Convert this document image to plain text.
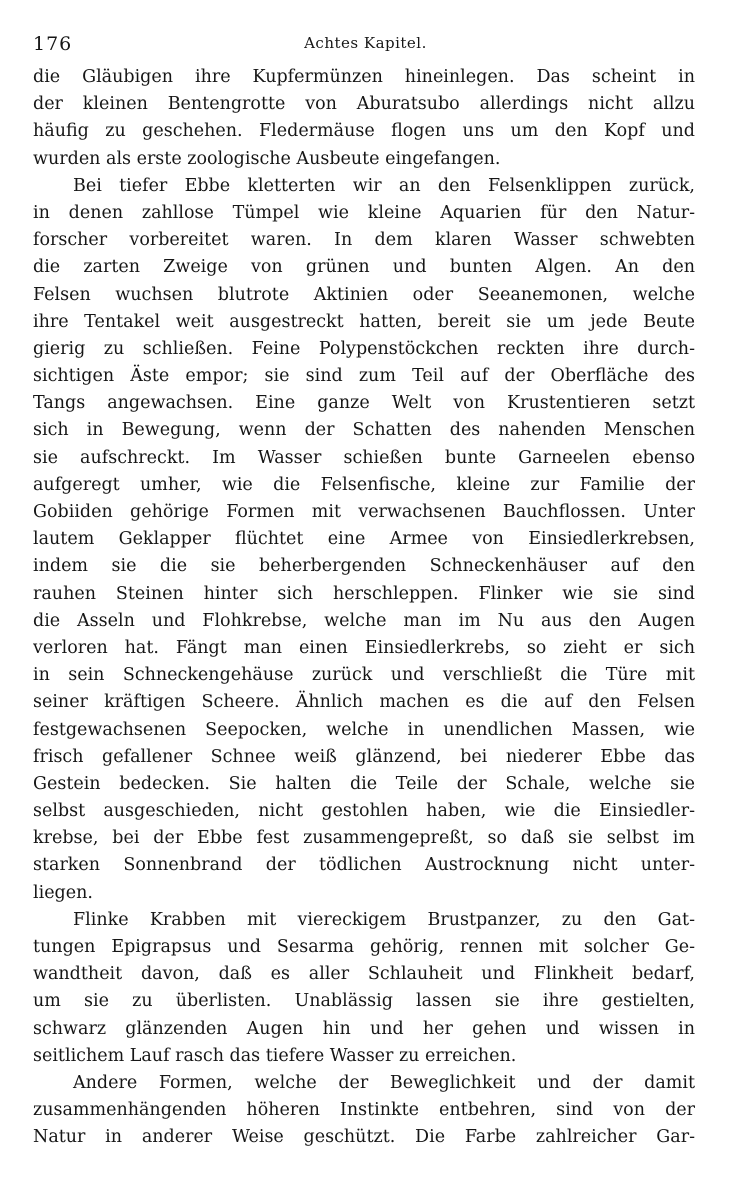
176	Achtes Kapitel.
die Gläubigen ihre Kupfermünzen hineinlegen. Das scheint in
der kleinen Bentengrotte von Aburatsubo allerdings nicht allzu
häufig zu geschehen. Fledermäuse flogen uns um den Kopf und
wurden als erste zoologische Ausbeute eingefangen.
Bei tiefer Ebbe kletterten wir an den Felsenklippen zurück,
in denen zahllose Tümpel wie kleine Aquarien für den Natur-
forscher vorbereitet waren. In dem klaren Wasser schwebten
die zarten Zweige von grünen und bunten Algen. An den
Felsen wuchsen blutrote Aktinien oder Seeanemonen, welche
ihre Tentakel weit ausgestreckt hatten, bereit sie um jede Beute
gierig zu schließen. Feine Polypenstöckchen reckten ihre durch-
sichtigen Äste empor; sie sind zum Teil auf der Oberfläche des
Tangs angewachsen. Eine ganze Welt von Krustentieren setzt
sich in Bewegung, wenn der Schatten des nahenden Menschen
sie aufschreckt. Im Wasser schießen bunte Garneelen ebenso
aufgeregt umher, wie die Felsenfische, kleine zur Familie der
Gobiiden gehörige Formen mit verwachsenen Bauchflossen. Unter
lautem Geklapper flüchtet eine Armee von Einsiedlerkrebsen,
indem sie die sie beherbergenden Schneckenhäuser auf den
rauhen Steinen hinter sich herschleppen. Flinker wie sie sind
die Asseln und Flohkrebse, welche man im Nu aus den Augen
verloren hat. Fängt man einen Einsiedlerkrebs, so zieht er sich
in sein Schneckengehäuse zurück und verschließt die Türe mit
seiner kräftigen Scheere. Ähnlich machen es die auf den Felsen
festgewachsenen Seepocken, welche in unendlichen Massen, wie
frisch gefallener Schnee weiß glänzend, bei niederer Ebbe das
Gestein bedecken. Sie halten die Teile der Schale, welche sie
selbst ausgeschieden, nicht gestohlen haben, wie die Einsiedler-
krebse, bei der Ebbe fest zusammengepreßt, so daß sie selbst im
starken Sonnenbrand der tödlichen Austrocknung nicht unter-
liegen.
Flinke Krabben mit viereckigem Brustpanzer, zu den Gat-
tungen Epigrapsus und Sesarma gehörig, rennen mit solcher Ge-
wandtheit davon, daß es aller Schlauheit und Flinkheit bedarf,
um sie zu überlisten. Unablässig lassen sie ihre gestielten,
schwarz glänzenden Augen hin und her gehen und wissen in
seitlichem Lauf rasch das tiefere Wasser zu erreichen.
Andere Formen, welche der Beweglichkeit und der damit
zusammenhängenden höheren Instinkte entbehren, sind von der
Natur in anderer Weise geschützt. Die Farbe zahlreicher Gar-
